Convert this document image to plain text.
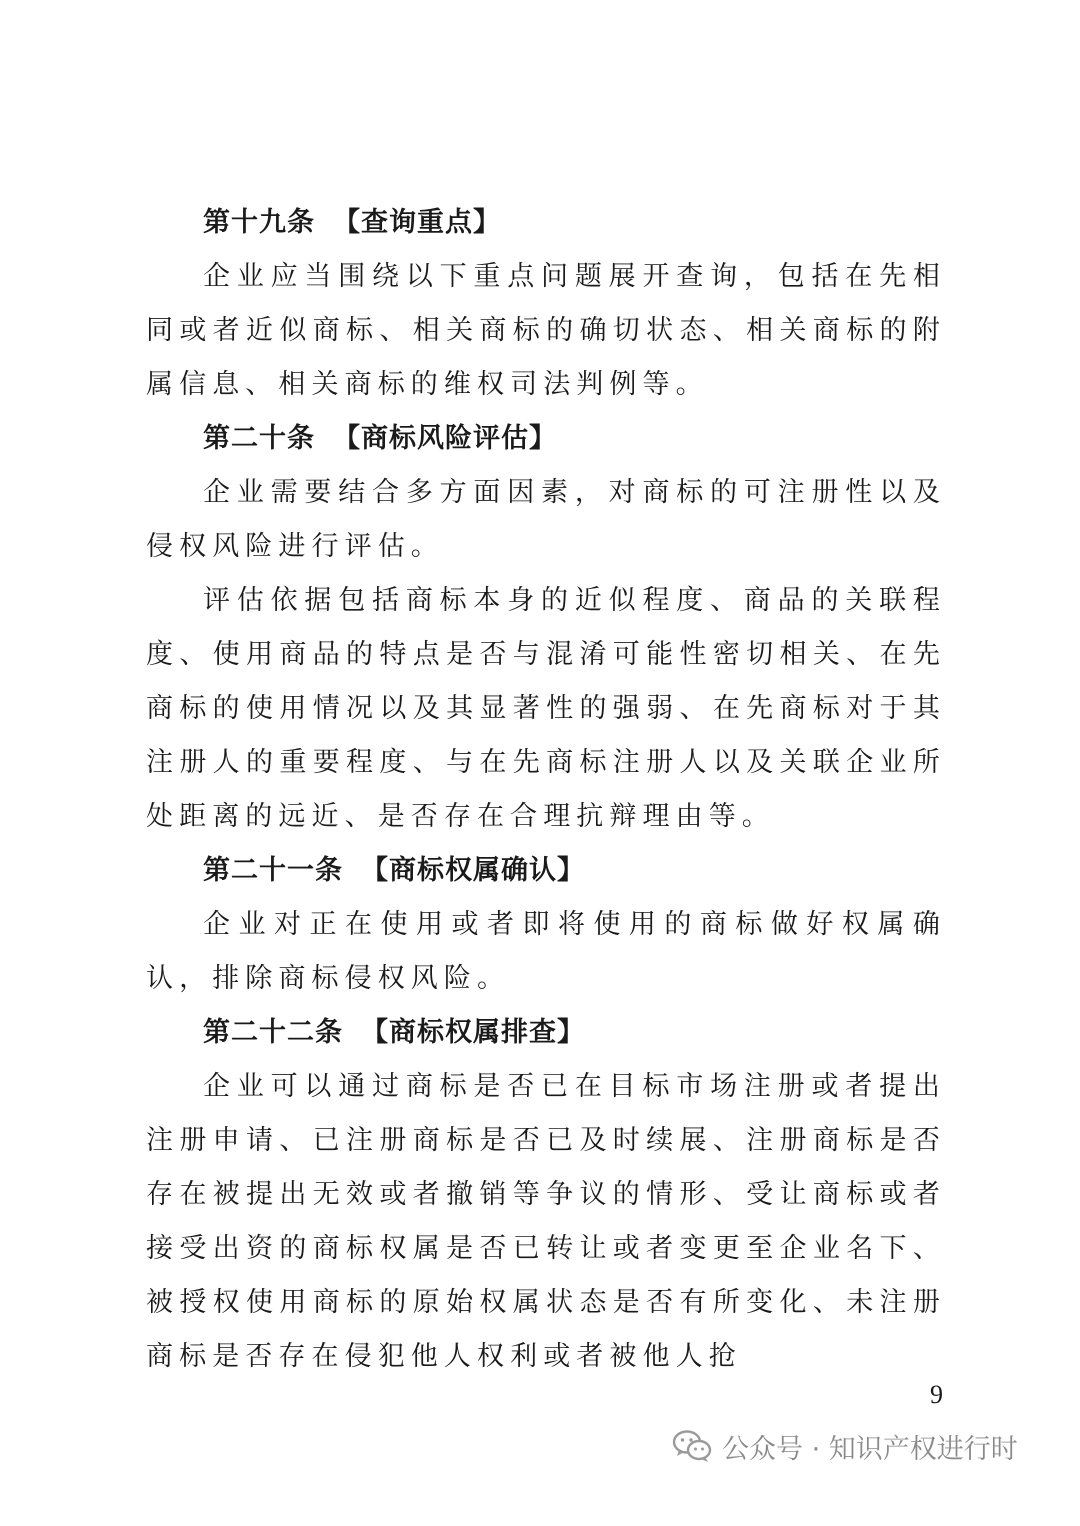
第十九条 【查询重点】

企业应当围绕以下重点问题展开查询，包括在先相同或者近似商标、相关商标的确切状态、相关商标的附属信息、相关商标的维权司法判例等。

第二十条 【商标风险评估】

企业需要结合多方面因素，对商标的可注册性以及侵权风险进行评估。

评估依据包括商标本身的近似程度、商品的关联程度、使用商品的特点是否与混淆可能性密切相关、在先商标的使用情况以及其显著性的强弱、在先商标对于其注册人的重要程度、与在先商标注册人以及关联企业所处距离的远近、是否存在合理抗辩理由等。

第二十一条 【商标权属确认】

企业对正在使用或者即将使用的商标做好权属确认，排除商标侵权风险。

第二十二条 【商标权属排查】

企业可以通过商标是否已在目标市场注册或者提出注册申请、已注册商标是否已及时续展、注册商标是否存在被提出无效或者撤销等争议的情形、受让商标或者接受出资的商标权属是否已转让或者变更至企业名下、被授权使用商标的原始权属状态是否有所变化、未注册商标是否存在侵犯他人权利或者被他人抢

9
公众号 · 知识产权进行时
